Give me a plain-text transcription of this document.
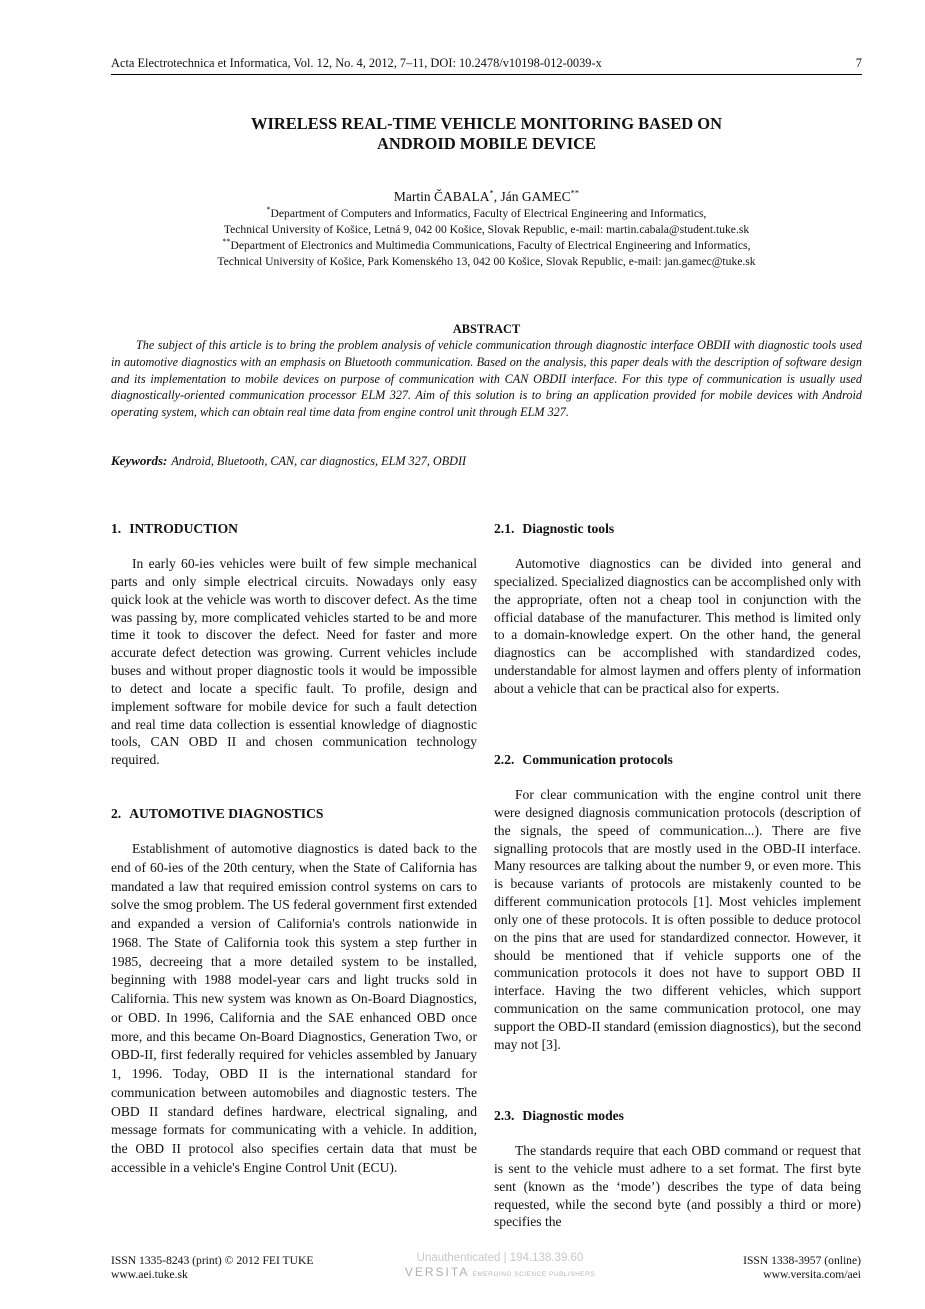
Acta Electrotechnica et Informatica, Vol. 12, No. 4, 2012, 7–11, DOI: 10.2478/v10198-012-0039-x	7
WIRELESS REAL-TIME VEHICLE MONITORING BASED ON
ANDROID MOBILE DEVICE
Martin ČABALA*, Ján GAMEC**
*Department of Computers and Informatics, Faculty of Electrical Engineering and Informatics,
Technical University of Košice, Letná 9, 042 00 Košice, Slovak Republic, e-mail: martin.cabala@student.tuke.sk
**Department of Electronics and Multimedia Communications, Faculty of Electrical Engineering and Informatics,
Technical University of Košice, Park Komenského 13, 042 00 Košice, Slovak Republic, e-mail: jan.gamec@tuke.sk
ABSTRACT
The subject of this article is to bring the problem analysis of vehicle communication through diagnostic interface OBDII with diagnostic tools used in automotive diagnostics with an emphasis on Bluetooth communication. Based on the analysis, this paper deals with the description of software design and its implementation to mobile devices on purpose of communication with CAN OBDII interface. For this type of communication is usually used diagnostically-oriented communication processor ELM 327. Aim of this solution is to bring an application provided for mobile devices with Android operating system, which can obtain real time data from engine control unit through ELM 327.
Keywords: Android, Bluetooth, CAN, car diagnostics, ELM 327, OBDII
1. INTRODUCTION

In early 60-ies vehicles were built of few simple mechanical parts and only simple electrical circuits. Nowadays only easy quick look at the vehicle was worth to discover defect. As the time was passing by, more complicated vehicles started to be and more time it took to discover the defect. Need for faster and more accurate defect detection was growing. Current vehicles include buses and without proper diagnostic tools it would be impossible to detect and locate a specific fault. To profile, design and implement software for mobile device for such a fault detection and real time data collection is essential knowledge of diagnostic tools, CAN OBD II and chosen communication technology required.

2. AUTOMOTIVE DIAGNOSTICS

Establishment of automotive diagnostics is dated back to the end of 60-ies of the 20th century, when the State of California has mandated a law that required emission control systems on cars to solve the smog problem. The US federal government first extended and expanded a version of California's controls nationwide in 1968. The State of California took this system a step further in 1985, decreeing that a more detailed system to be installed, beginning with 1988 model-year cars and light trucks sold in California. This new system was known as On-Board Diagnostics, or OBD. In 1996, California and the SAE enhanced OBD once more, and this became On-Board Diagnostics, Generation Two, or OBD-II, first federally required for vehicles assembled by January 1, 1996. Today, OBD II is the international standard for communication between automobiles and diagnostic testers. The OBD II standard defines hardware, electrical signaling, and message formats for communicating with a vehicle. In addition, the OBD II protocol also specifies certain data that must be accessible in a vehicle's Engine Control Unit (ECU).

2.1. Diagnostic tools

Automotive diagnostics can be divided into general and specialized. Specialized diagnostics can be accomplished only with the appropriate, often not a cheap tool in conjunction with the official database of the manufacturer. This method is limited only to a domain-knowledge expert. On the other hand, the general diagnostics can be accomplished with standardized codes, understandable for almost laymen and offers plenty of information about a vehicle that can be practical also for experts.

2.2. Communication protocols

For clear communication with the engine control unit there were designed diagnosis communication protocols (description of the signals, the speed of communication...). There are five signalling protocols that are mostly used in the OBD-II interface. Many resources are talking about the number 9, or even more. This is because variants of protocols are mistakenly counted to be different communication protocols [1]. Most vehicles implement only one of these protocols. It is often possible to deduce protocol on the pins that are used for standardized connector. However, it should be mentioned that if vehicle supports one of the communication protocols it does not have to support OBD II interface. Having the two different vehicles, which support communication on the same communication protocol, one may support the OBD-II standard (emission diagnostics), but the second may not [3].

2.3. Diagnostic modes

The standards require that each OBD command or request that is sent to the vehicle must adhere to a set format. The first byte sent (known as the ‘mode’) describes the type of data being requested, while the second byte (and possibly a third or more) specifies the

ISSN 1335-8243 (print) © 2012 FEI TUKE
www.aei.tuke.sk
Unauthenticated | 194.138.39.60
VERSITA EMERGING SCIENCE PUBLISHERS
ISSN 1338-3957 (online)
www.versita.com/aei
